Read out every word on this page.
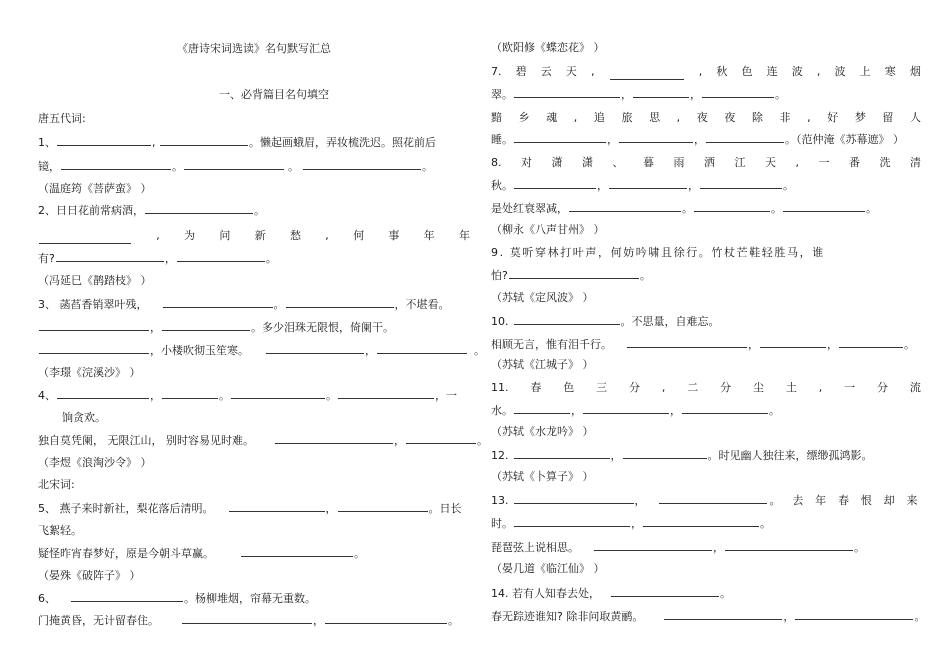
《唐诗宋词选读》名句默写汇总
一、必背篇目名句填空
唐五代词:
1、	,	。懒起画蛾眉，弄妆梳洗迟。照花前后
镜，	。	。	。
（温庭筠《菩萨蛮》 ）
2、日日花前常病酒，	。
, 为 问 新 愁 , 何 事 年 年
有?	，	。
（冯延巳《鹊踏枝》 ）
3、 菡萏香销翠叶残，	。	，不堪看。
，	。多少泪珠无限恨，倚阑干。
，小楼吹彻玉笙寒。	，	。
（李璟《浣溪沙》 ）
4、	，	。	。	，一
饷贪欢。
独自莫凭阑， 无限江山， 别时容易见时难。	，	。
（李煜《浪淘沙令》 ）
北宋词:
5、 燕子来时新社，梨花落后清明。	，	。日长
飞絮轻。
疑怪昨宵春梦好，原是今朝斗草赢。	。
（晏殊《破阵子》 ）
6、	。杨柳堆烟，帘幕无重数。
门掩黄昏，无计留春住。	，	。
（欧阳修《蝶恋花》 ）
7. 碧 云 天 ,	, 秋 色 连 波 , 波 上 寒 烟
翠。	，	，	。
黯 乡 魂 , 追 旅 思 , 夜 夜 除 非 , 好 梦 留 人
睡。	，	，	。（范仲淹《苏幕遮》 ）
8. 对 潇 潇 、 暮 雨 洒 江 天 , 一 番 洗 清
秋。	，	，	。
是处红衰翠减，	。	。	。
（柳永《八声甘州》 ）
9. 莫听穿林打叶声，何妨吟啸且徐行。竹杖芒鞋轻胜马，谁
怕?	。
（苏轼《定风波》 ）
10.	。不思量，自难忘。
相顾无言，惟有泪千行。	，	，	。
（苏轼《江城子》 ）
11. 春 色 三 分 , 二 分 尘 土 , 一 分 流
水。	，	，	。
（苏轼《水龙吟》 ）
12.	，	。时见幽人独往来，缥缈孤鸿影。
（苏轼《卜算子》 ）
13.	，	。 去 年 春 恨 却 来
时。	，	。
琵琶弦上说相思。	，	。
（晏几道《临江仙》 ）
14. 若有人知春去处，	。
春无踪迹谁知? 除非问取黄鹂。	，	。
